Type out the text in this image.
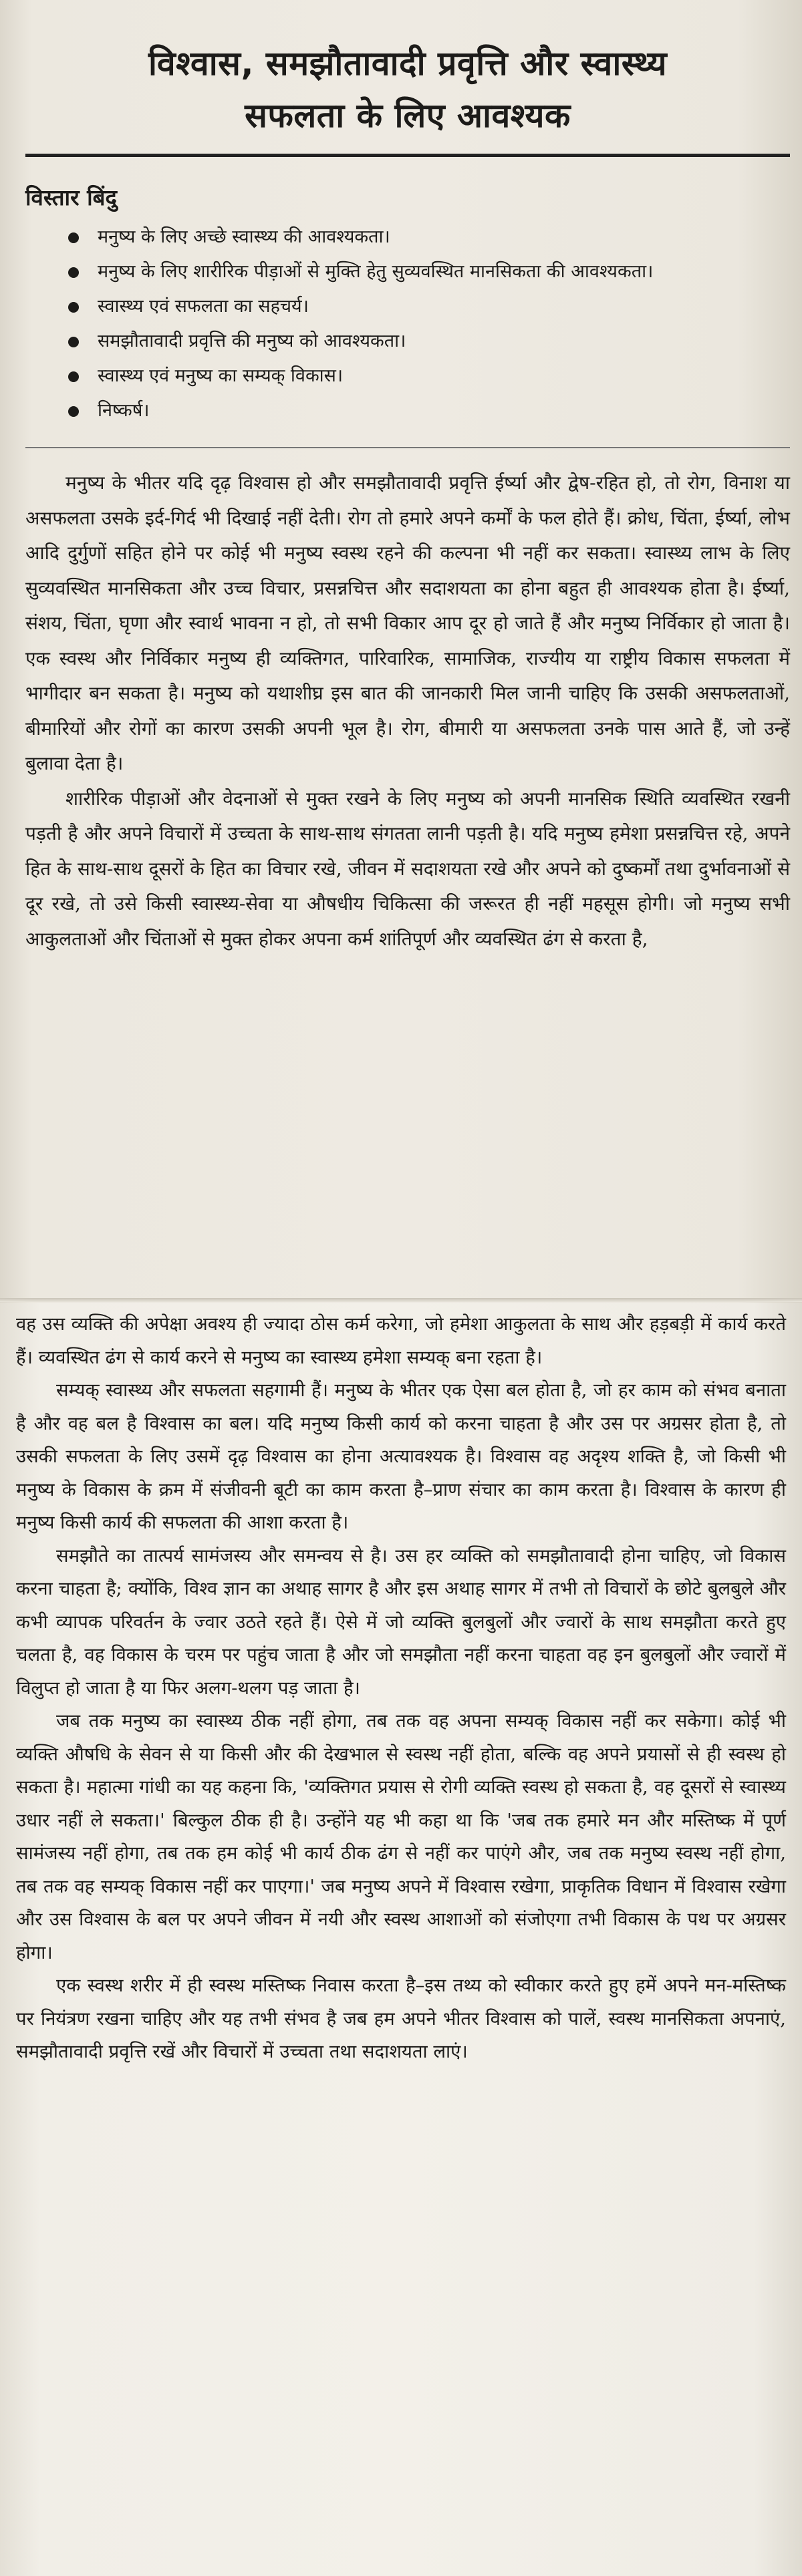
विश्वास, समझौतावादी प्रवृत्ति और स्वास्थ्य
सफलता के लिए आवश्यक
विस्तार बिंदु
मनुष्य के लिए अच्छे स्वास्थ्य की आवश्यकता।
मनुष्य के लिए शारीरिक पीड़ाओं से मुक्ति हेतु सुव्यवस्थित मानसिकता की आवश्यकता।
स्वास्थ्य एवं सफलता का सहचर्य।
समझौतावादी प्रवृत्ति की मनुष्य को आवश्यकता।
स्वास्थ्य एवं मनुष्य का सम्यक् विकास।
निष्कर्ष।

मनुष्य के भीतर यदि दृढ़ विश्वास हो और समझौतावादी प्रवृत्ति ईर्ष्या और द्वेष-रहित हो, तो रोग, विनाश या असफलता उसके इर्द-गिर्द भी दिखाई नहीं देती। रोग तो हमारे अपने कर्मों के फल होते हैं। क्रोध, चिंता, ईर्ष्या, लोभ आदि दुर्गुणों सहित होने पर कोई भी मनुष्य स्वस्थ रहने की कल्पना भी नहीं कर सकता। स्वास्थ्य लाभ के लिए सुव्यवस्थित मानसिकता और उच्च विचार, प्रसन्नचित्त और सदाशयता का होना बहुत ही आवश्यक होता है। ईर्ष्या, संशय, चिंता, घृणा और स्वार्थ भावना न हो, तो सभी विकार आप दूर हो जाते हैं और मनुष्य निर्विकार हो जाता है। एक स्वस्थ और निर्विकार मनुष्य ही व्यक्तिगत, पारिवारिक, सामाजिक, राज्यीय या राष्ट्रीय विकास सफलता में भागीदार बन सकता है। मनुष्य को यथाशीघ्र इस बात की जानकारी मिल जानी चाहिए कि उसकी असफलताओं, बीमारियों और रोगों का कारण उसकी अपनी भूल है। रोग, बीमारी या असफलता उनके पास आते हैं, जो उन्हें बुलावा देता है।

शारीरिक पीड़ाओं और वेदनाओं से मुक्त रखने के लिए मनुष्य को अपनी मानसिक स्थिति व्यवस्थित रखनी पड़ती है और अपने विचारों में उच्चता के साथ-साथ संगतता लानी पड़ती है। यदि मनुष्य हमेशा प्रसन्नचित्त रहे, अपने हित के साथ-साथ दूसरों के हित का विचार रखे, जीवन में सदाशयता रखे और अपने को दुष्कर्मों तथा दुर्भावनाओं से दूर रखे, तो उसे किसी स्वास्थ्य-सेवा या औषधीय चिकित्सा की जरूरत ही नहीं महसूस होगी। जो मनुष्य सभी आकुलताओं और चिंताओं से मुक्त होकर अपना कर्म शांतिपूर्ण और व्यवस्थित ढंग से करता है,

वह उस व्यक्ति की अपेक्षा अवश्य ही ज्यादा ठोस कर्म करेगा, जो हमेशा आकुलता के साथ और हड़बड़ी में कार्य करते हैं। व्यवस्थित ढंग से कार्य करने से मनुष्य का स्वास्थ्य हमेशा सम्यक् बना रहता है।

सम्यक् स्वास्थ्य और सफलता सहगामी हैं। मनुष्य के भीतर एक ऐसा बल होता है, जो हर काम को संभव बनाता है और वह बल है विश्वास का बल। यदि मनुष्य किसी कार्य को करना चाहता है और उस पर अग्रसर होता है, तो उसकी सफलता के लिए उसमें दृढ़ विश्वास का होना अत्यावश्यक है। विश्वास वह अदृश्य शक्ति है, जो किसी भी मनुष्य के विकास के क्रम में संजीवनी बूटी का काम करता है–प्राण संचार का काम करता है। विश्वास के कारण ही मनुष्य किसी कार्य की सफलता की आशा करता है।

समझौते का तात्पर्य सामंजस्य और समन्वय से है। उस हर व्यक्ति को समझौतावादी होना चाहिए, जो विकास करना चाहता है; क्योंकि, विश्व ज्ञान का अथाह सागर है और इस अथाह सागर में तभी तो विचारों के छोटे बुलबुले और कभी व्यापक परिवर्तन के ज्वार उठते रहते हैं। ऐसे में जो व्यक्ति बुलबुलों और ज्वारों के साथ समझौता करते हुए चलता है, वह विकास के चरम पर पहुंच जाता है और जो समझौता नहीं करना चाहता वह इन बुलबुलों और ज्वारों में विलुप्त हो जाता है या फिर अलग-थलग पड़ जाता है।

जब तक मनुष्य का स्वास्थ्य ठीक नहीं होगा, तब तक वह अपना सम्यक् विकास नहीं कर सकेगा। कोई भी व्यक्ति औषधि के सेवन से या किसी और की देखभाल से स्वस्थ नहीं होता, बल्कि वह अपने प्रयासों से ही स्वस्थ हो सकता है। महात्मा गांधी का यह कहना कि, 'व्यक्तिगत प्रयास से रोगी व्यक्ति स्वस्थ हो सकता है, वह दूसरों से स्वास्थ्य उधार नहीं ले सकता।' बिल्कुल ठीक ही है। उन्होंने यह भी कहा था कि 'जब तक हमारे मन और मस्तिष्क में पूर्ण सामंजस्य नहीं होगा, तब तक हम कोई भी कार्य ठीक ढंग से नहीं कर पाएंगे और, जब तक मनुष्य स्वस्थ नहीं होगा, तब तक वह सम्यक् विकास नहीं कर पाएगा।' जब मनुष्य अपने में विश्वास रखेगा, प्राकृतिक विधान में विश्वास रखेगा और उस विश्वास के बल पर अपने जीवन में नयी और स्वस्थ आशाओं को संजोएगा तभी विकास के पथ पर अग्रसर होगा।

एक स्वस्थ शरीर में ही स्वस्थ मस्तिष्क निवास करता है–इस तथ्य को स्वीकार करते हुए हमें अपने मन-मस्तिष्क पर नियंत्रण रखना चाहिए और यह तभी संभव है जब हम अपने भीतर विश्वास को पालें, स्वस्थ मानसिकता अपनाएं, समझौतावादी प्रवृत्ति रखें और विचारों में उच्चता तथा सदाशयता लाएं।
